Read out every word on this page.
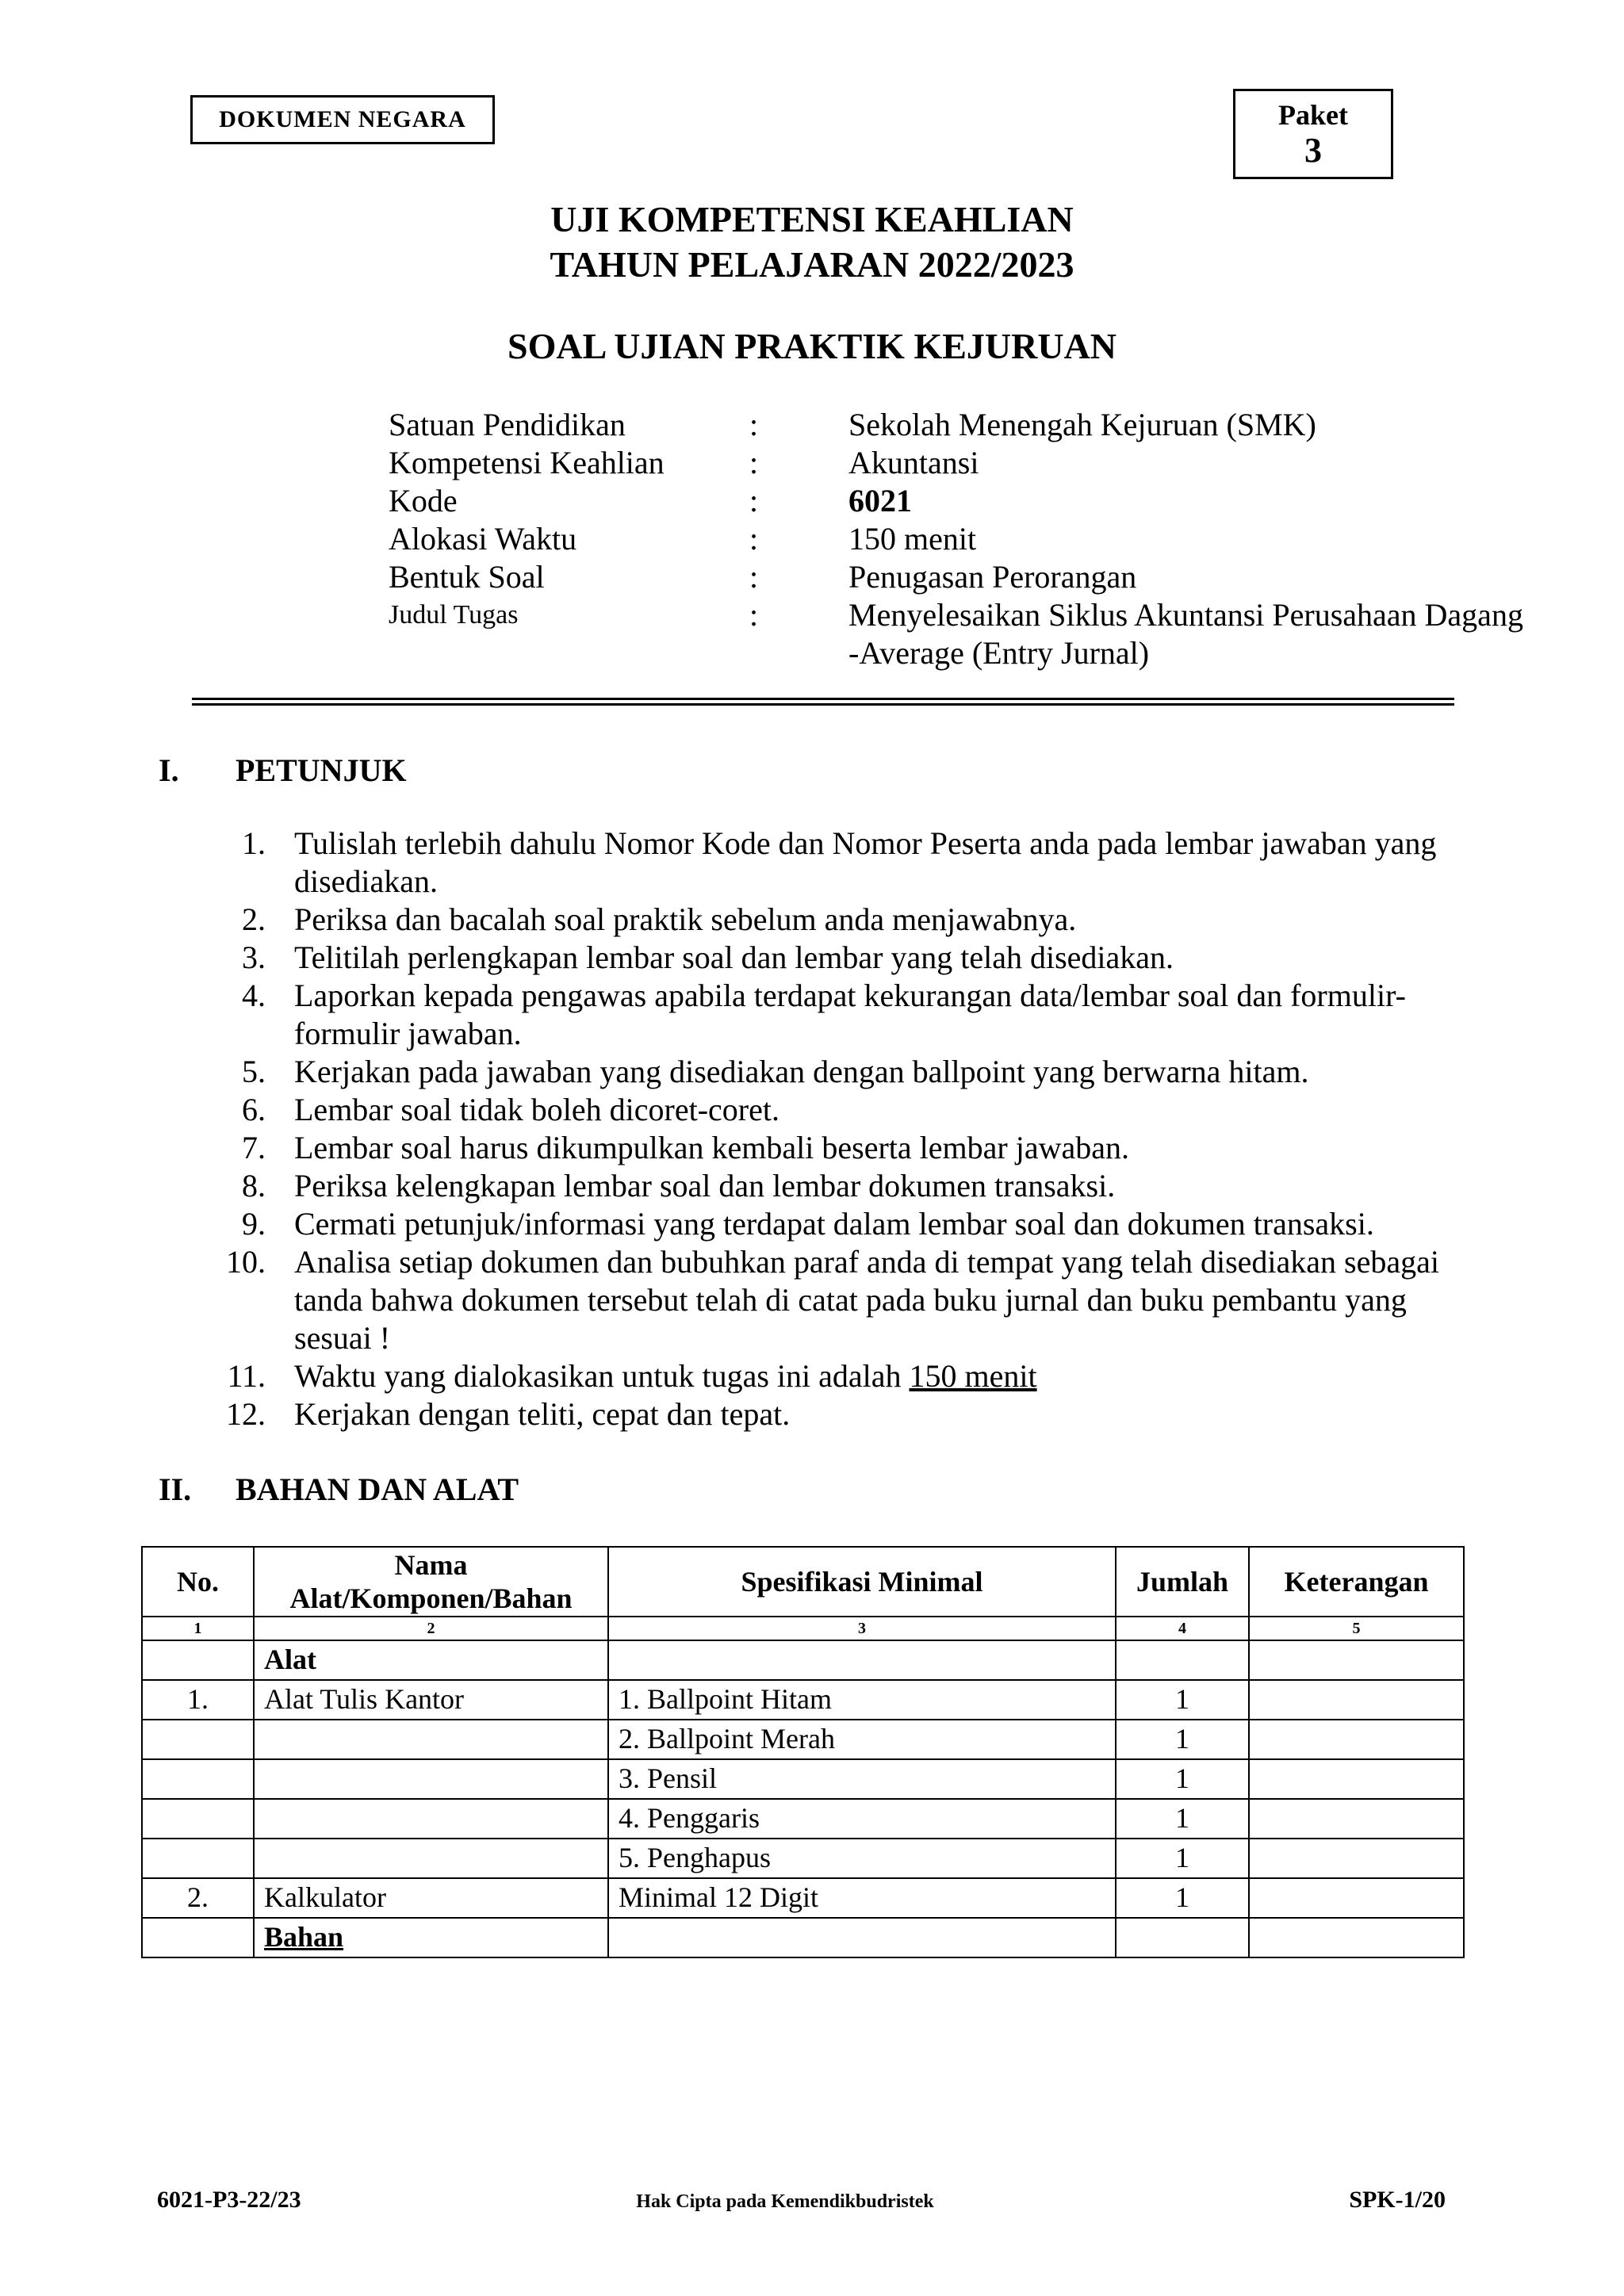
DOKUMEN NEGARA	Paket
3
UJI KOMPETENSI KEAHLIAN
TAHUN PELAJARAN 2022/2023
SOAL UJIAN PRAKTIK KEJURUAN
Satuan Pendidikan	:	Sekolah Menengah Kejuruan (SMK)
Kompetensi Keahlian	:	Akuntansi
Kode	:	6021
Alokasi Waktu	:	150 menit
Bentuk Soal	:	Penugasan Perorangan
Judul Tugas	:	Menyelesaikan Siklus Akuntansi Perusahaan Dagang -Average (Entry Jurnal)
I. PETUNJUK
1. Tulislah terlebih dahulu Nomor Kode dan Nomor Peserta anda pada lembar jawaban yang disediakan.
2. Periksa dan bacalah soal praktik sebelum anda menjawabnya.
3. Telitilah perlengkapan lembar soal dan lembar yang telah disediakan.
4. Laporkan kepada pengawas apabila terdapat kekurangan data/lembar soal dan formulir-formulir jawaban.
5. Kerjakan pada jawaban yang disediakan dengan ballpoint yang berwarna hitam.
6. Lembar soal tidak boleh dicoret-coret.
7. Lembar soal harus dikumpulkan kembali beserta lembar jawaban.
8. Periksa kelengkapan lembar soal dan lembar dokumen transaksi.
9. Cermati petunjuk/informasi yang terdapat dalam lembar soal dan dokumen transaksi.
10. Analisa setiap dokumen dan bubuhkan paraf anda di tempat yang telah disediakan sebagai tanda bahwa dokumen tersebut telah di catat pada buku jurnal dan buku pembantu yang sesuai !
11. Waktu yang dialokasikan untuk tugas ini adalah 150 menit
12. Kerjakan dengan teliti, cepat dan tepat.
II. BAHAN DAN ALAT
No.	Nama Alat/Komponen/Bahan	Spesifikasi Minimal	Jumlah	Keterangan
1	2	3	4	5
	Alat			
1.	Alat Tulis Kantor	1. Ballpoint Hitam	1	
		2. Ballpoint Merah	1	
		3. Pensil	1	
		4. Penggaris	1	
		5. Penghapus	1	
2.	Kalkulator	Minimal 12 Digit	1	
	Bahan			
6021-P3-22/23	Hak Cipta pada Kemendikbudristek	SPK-1/20
